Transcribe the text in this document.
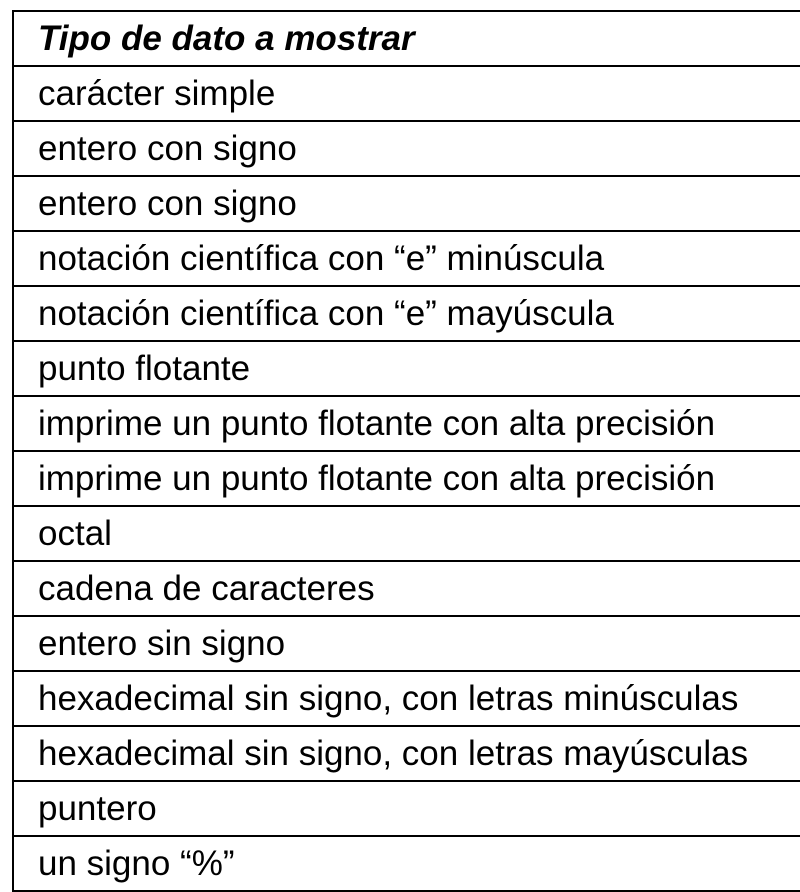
Tipo de dato a mostrar
carácter simple
entero con signo
entero con signo
notación científica con “e” minúscula
notación científica con “e” mayúscula
punto flotante
imprime un punto flotante con alta precisión
imprime un punto flotante con alta precisión
octal
cadena de caracteres
entero sin signo
hexadecimal sin signo, con letras minúsculas
hexadecimal sin signo, con letras mayúsculas
puntero
un signo “%”
